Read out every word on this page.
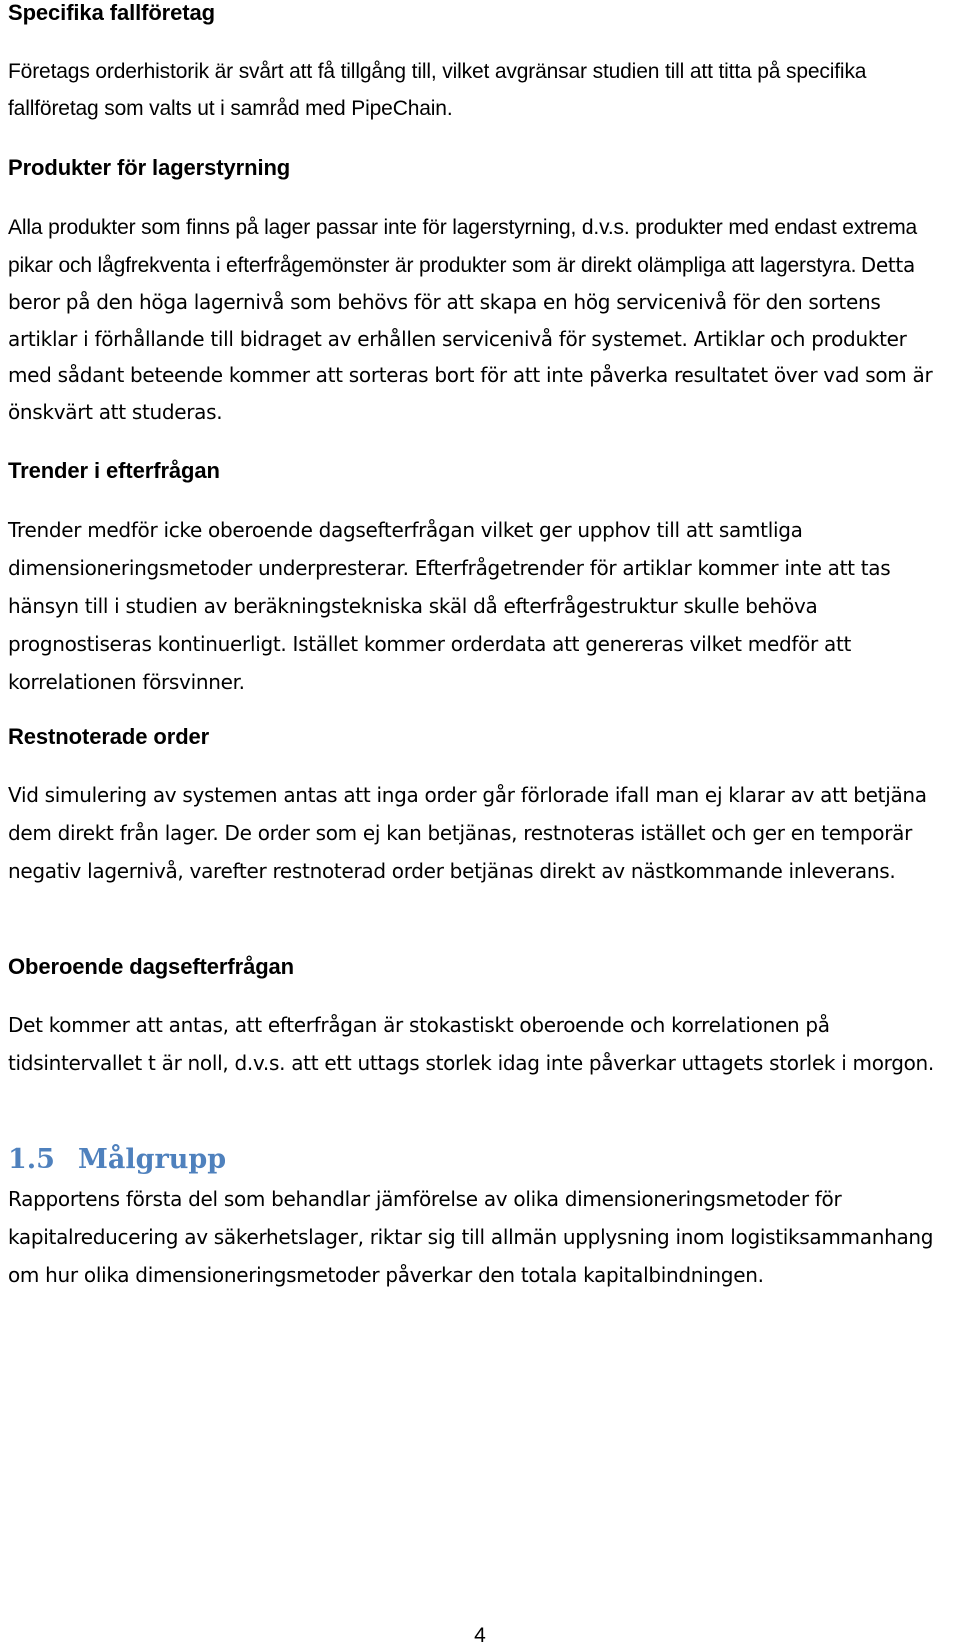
Specifika fallföretag

Företags orderhistorik är svårt att få tillgång till, vilket avgränsar studien till att titta på specifika fallföretag som valts ut i samråd med PipeChain.

Produkter för lagerstyrning
Alla produkter som finns på lager passar inte för lagerstyrning, d.v.s. produkter med endast extrema pikar och lågfrekventa i efterfrågemönster är produkter som är direkt olämpliga att lagerstyra. Detta beror på den höga lagernivå som behövs för att skapa en hög servicenivå för den sortens artiklar i förhållande till bidraget av erhållen servicenivå för systemet. Artiklar och produkter med sådant beteende kommer att sorteras bort för att inte påverka resultatet över vad som är önskvärt att studeras.
Trender i efterfrågan

Trender medför icke oberoende dagsefterfrågan vilket ger upphov till att samtliga dimensioneringsmetoder underpresterar. Efterfrågetrender för artiklar kommer inte att tas hänsyn till i studien av beräkningstekniska skäl då efterfrågestruktur skulle behöva prognostiseras kontinuerligt. Istället kommer orderdata att genereras vilket medför att korrelationen försvinner.

Restnoterade order

Vid simulering av systemen antas att inga order går förlorade ifall man ej klarar av att betjäna dem direkt från lager. De order som ej kan betjänas, restnoteras istället och ger en temporär negativ lagernivå, varefter restnoterad order betjänas direkt av nästkommande inleverans.

Oberoende dagsefterfrågan

Det kommer att antas, att efterfrågan är stokastiskt oberoende och korrelationen på tidsintervallet t är noll, d.v.s. att ett uttags storlek idag inte påverkar uttagets storlek i morgon.

1.5 Målgrupp

Rapportens första del som behandlar jämförelse av olika dimensioneringsmetoder för kapitalreducering av säkerhetslager, riktar sig till allmän upplysning inom logistiksammanhang om hur olika dimensioneringsmetoder påverkar den totala kapitalbindningen.

4
